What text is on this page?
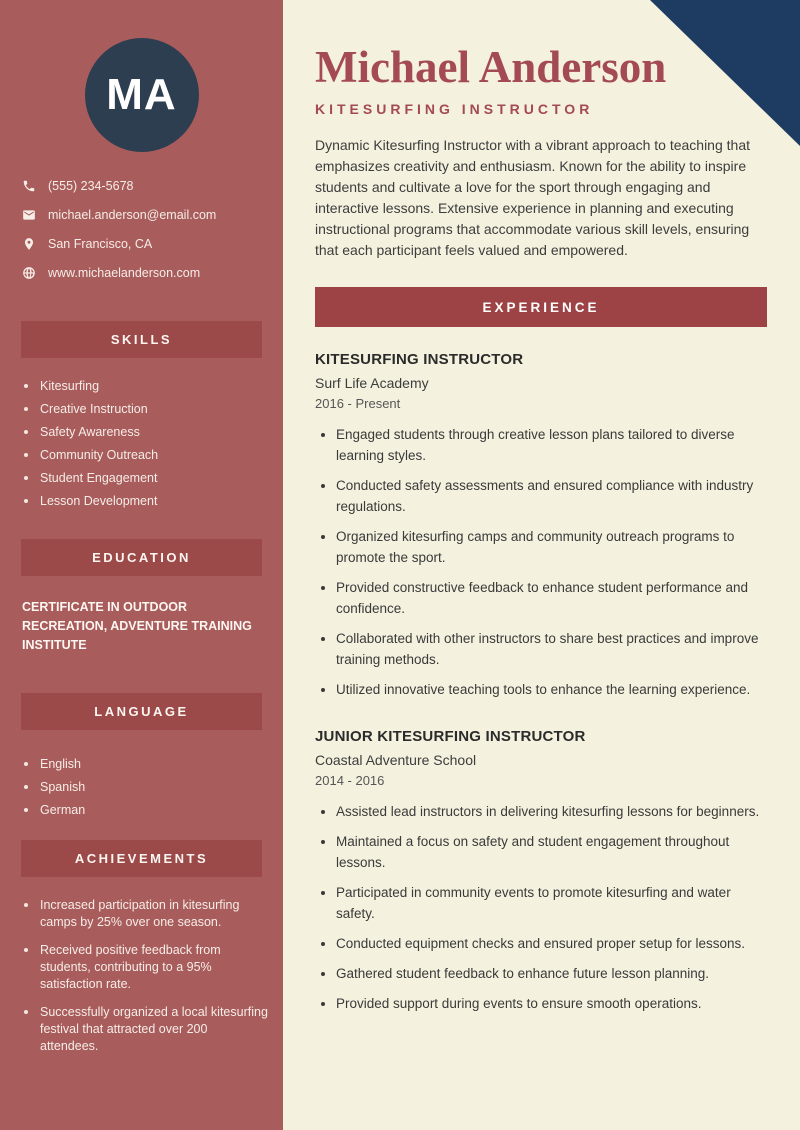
MA
(555) 234-5678
michael.anderson@email.com
San Francisco, CA
www.michaelanderson.com
SKILLS
Kitesurfing
Creative Instruction
Safety Awareness
Community Outreach
Student Engagement
Lesson Development
EDUCATION

CERTIFICATE IN OUTDOOR RECREATION, ADVENTURE TRAINING INSTITUTE

LANGUAGE
English
Spanish
German
ACHIEVEMENTS
Increased participation in kitesurfing camps by 25% over one season.
Received positive feedback from students, contributing to a 95% satisfaction rate.
Successfully organized a local kitesurfing festival that attracted over 200 attendees.
Michael Anderson
KITESURFING INSTRUCTOR

Dynamic Kitesurfing Instructor with a vibrant approach to teaching that emphasizes creativity and enthusiasm. Known for the ability to inspire students and cultivate a love for the sport through engaging and interactive lessons. Extensive experience in planning and executing instructional programs that accommodate various skill levels, ensuring that each participant feels valued and empowered.

EXPERIENCE
KITESURFING INSTRUCTOR
Surf Life Academy
2016 - Present
• Engaged students through creative lesson plans tailored to diverse learning styles.
• Conducted safety assessments and ensured compliance with industry regulations.
• Organized kitesurfing camps and community outreach programs to promote the sport.
• Provided constructive feedback to enhance student performance and confidence.
• Collaborated with other instructors to share best practices and improve training methods.
• Utilized innovative teaching tools to enhance the learning experience.
JUNIOR KITESURFING INSTRUCTOR
Coastal Adventure School
2014 - 2016
• Assisted lead instructors in delivering kitesurfing lessons for beginners.
• Maintained a focus on safety and student engagement throughout lessons.
• Participated in community events to promote kitesurfing and water safety.
• Conducted equipment checks and ensured proper setup for lessons.
• Gathered student feedback to enhance future lesson planning.
• Provided support during events to ensure smooth operations.
